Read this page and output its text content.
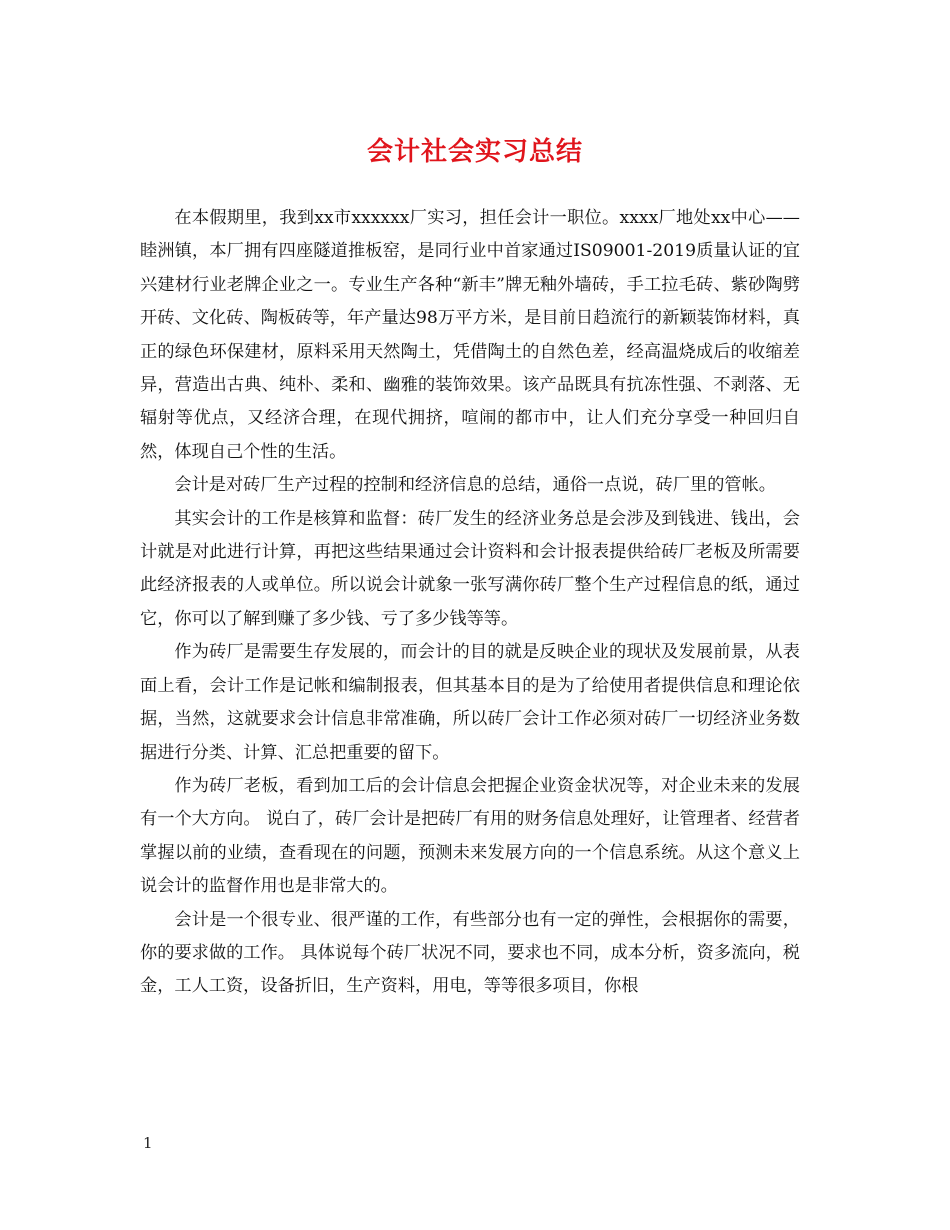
会计社会实习总结

在本假期里，我到xx市xxxxxx厂实习，担任会计一职位。xxxx厂地处xx中心——睦洲镇，本厂拥有四座隧道推板窑，是同行业中首家通过IS09001-2019质量认证的宜兴建材行业老牌企业之一。专业生产各种“新丰”牌无釉外墙砖，手工拉毛砖、紫砂陶劈开砖、文化砖、陶板砖等，年产量达98万平方米，是目前日趋流行的新颖装饰材料，真正的绿色环保建材，原料采用天然陶土，凭借陶土的自然色差，经高温烧成后的收缩差异，营造出古典、纯朴、柔和、幽雅的装饰效果。该产品既具有抗冻性强、不剥落、无辐射等优点，又经济合理，在现代拥挤，喧闹的都市中，让人们充分享受一种回归自然，体现自己个性的生活。

会计是对砖厂生产过程的控制和经济信息的总结，通俗一点说，砖厂里的管帐。

其实会计的工作是核算和监督：砖厂发生的经济业务总是会涉及到钱进、钱出，会计就是对此进行计算，再把这些结果通过会计资料和会计报表提供给砖厂老板及所需要此经济报表的人或单位。所以说会计就象一张写满你砖厂整个生产过程信息的纸，通过它，你可以了解到赚了多少钱、亏了多少钱等等。

作为砖厂是需要生存发展的，而会计的目的就是反映企业的现状及发展前景，从表面上看，会计工作是记帐和编制报表，但其基本目的是为了给使用者提供信息和理论依据，当然，这就要求会计信息非常准确，所以砖厂会计工作必须对砖厂一切经济业务数据进行分类、计算、汇总把重要的留下。

作为砖厂老板，看到加工后的会计信息会把握企业资金状况等，对企业未来的发展有一个大方向。 说白了，砖厂会计是把砖厂有用的财务信息处理好，让管理者、经营者掌握以前的业绩，查看现在的问题，预测未来发展方向的一个信息系统。从这个意义上说会计的监督作用也是非常大的。

会计是一个很专业、很严谨的工作，有些部分也有一定的弹性，会根据你的需要，你的要求做的工作。 具体说每个砖厂状况不同，要求也不同，成本分析，资多流向，税金，工人工资，设备折旧，生产资料，用电，等等很多项目，你根

1
